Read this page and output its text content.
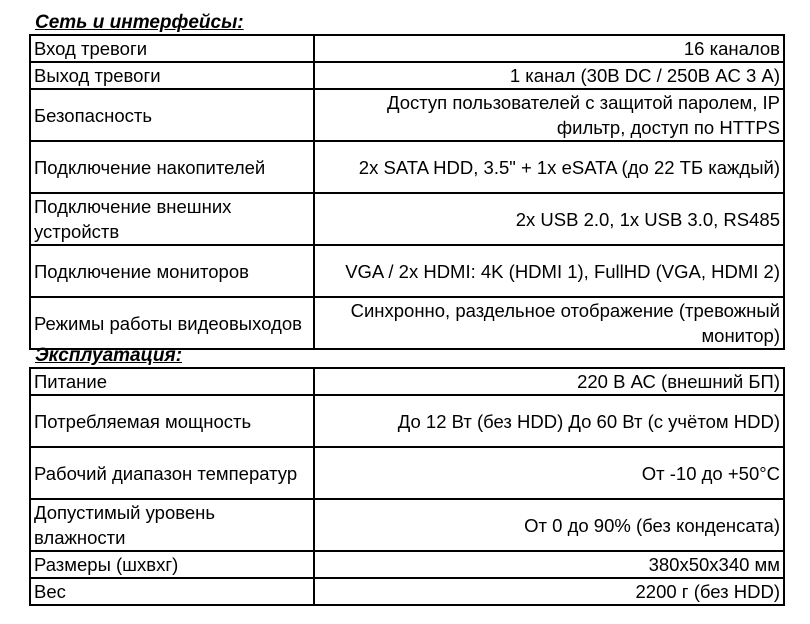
Сеть и интерфейсы:
Вход тревоги	16 каналов
Выход тревоги	1 канал (30В DC / 250В AC 3 А)
Безопасность	Доступ пользователей с защитой паролем, IP фильтр, доступ по HTTPS
Подключение накопителей	2x SATA HDD, 3.5" + 1x eSATA (до 22 ТБ каждый)
Подключение внешних устройств	2x USB 2.0, 1x USB 3.0, RS485
Подключение мониторов	VGA / 2x HDMI: 4K (HDMI 1), FullHD (VGA, HDMI 2)
Режимы работы видеовыходов	Синхронно, раздельное отображение (тревожный монитор)
Эксплуатация:
Питание	220 В АС (внешний БП)
Потребляемая мощность	До 12 Вт (без HDD) До 60 Вт (с учётом HDD)
Рабочий диапазон температур	От -10 до +50°С
Допустимый уровень влажности	От 0 до 90% (без конденсата)
Размеры (шхвхг)	380x50x340 мм
Вес	2200 г (без HDD)
